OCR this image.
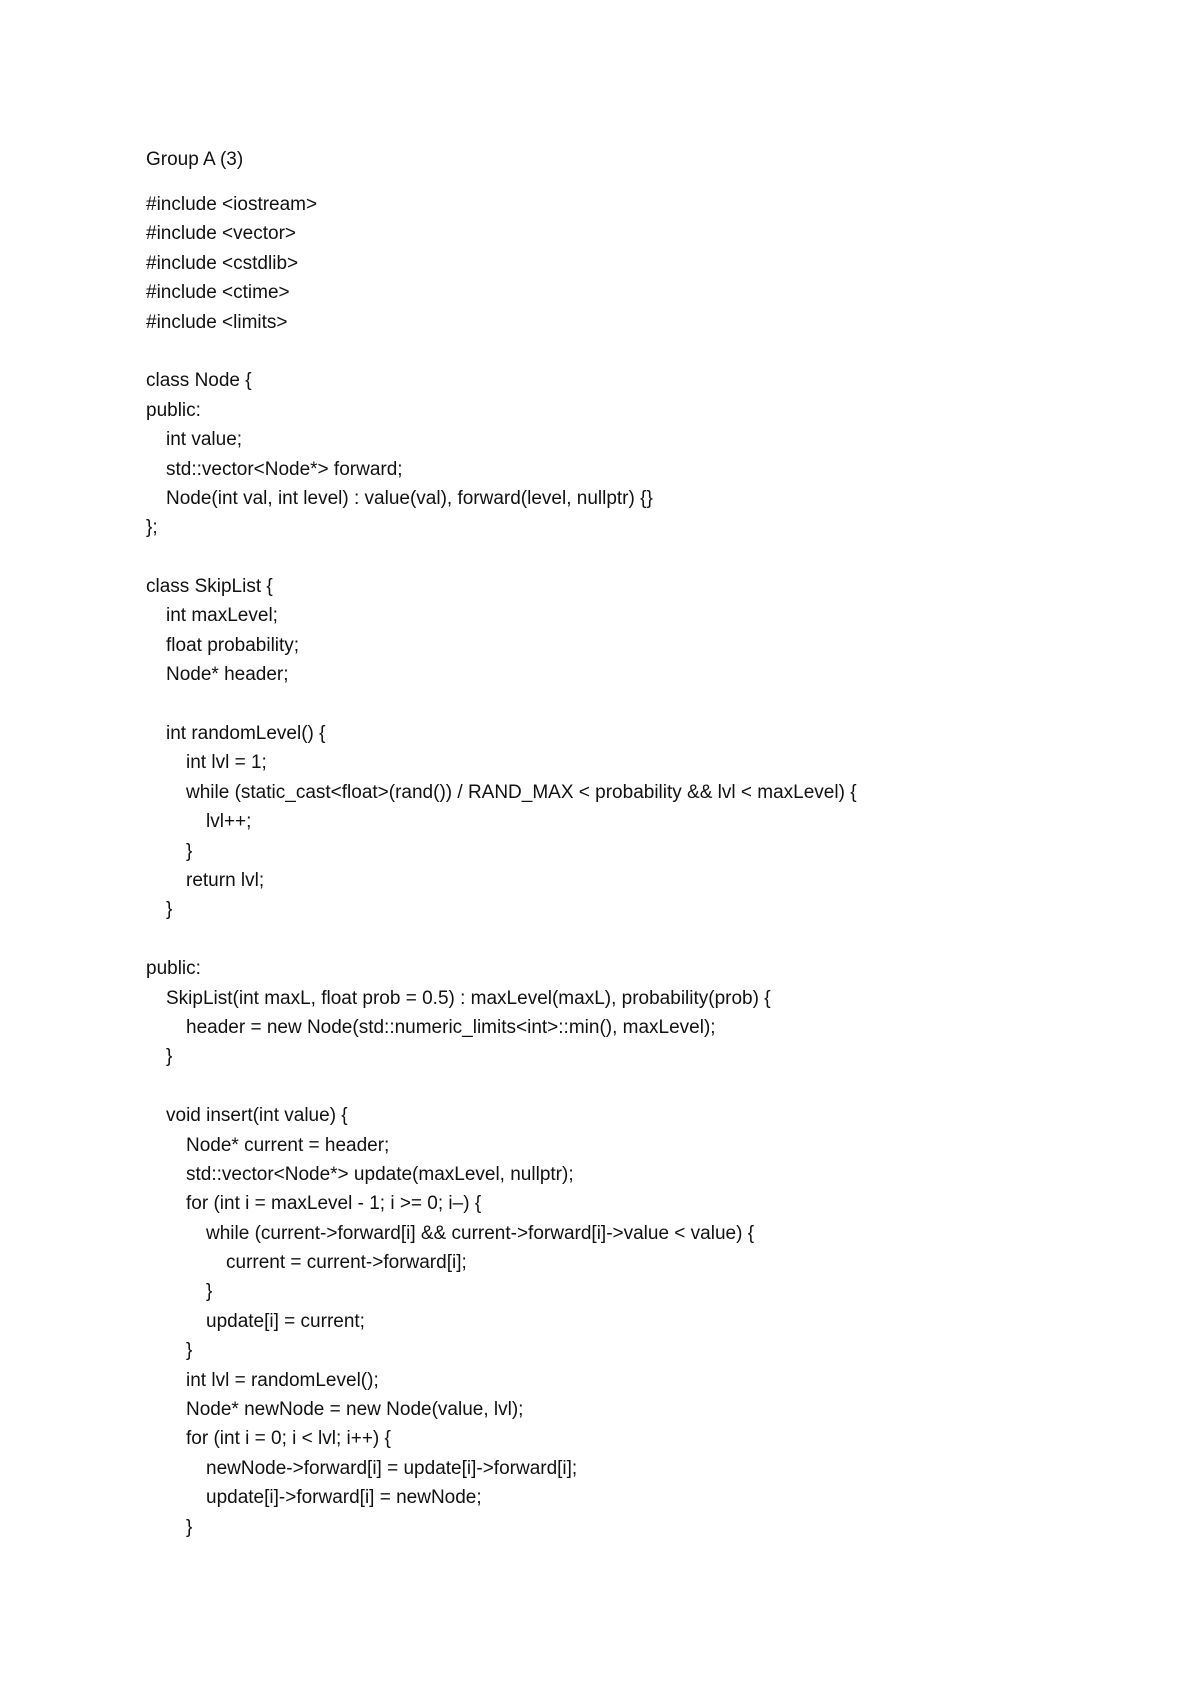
Group A (3)
#include <iostream>
#include <vector>
#include <cstdlib>
#include <ctime>
#include <limits>
class Node {
public:
int value;
std::vector<Node*> forward;
Node(int val, int level) : value(val), forward(level, nullptr) {}
};
class SkipList {
int maxLevel;
float probability;
Node* header;
int randomLevel() {
int lvl = 1;
while (static_cast<float>(rand()) / RAND_MAX < probability && lvl < maxLevel) {
lvl++;
}
return lvl;
}
public:
SkipList(int maxL, float prob = 0.5) : maxLevel(maxL), probability(prob) {
header = new Node(std::numeric_limits<int>::min(), maxLevel);
}
void insert(int value) {
Node* current = header;
std::vector<Node*> update(maxLevel, nullptr);
for (int i = maxLevel - 1; i >= 0; i–) {
while (current->forward[i] && current->forward[i]->value < value) {
current = current->forward[i];
}
update[i] = current;
}
int lvl = randomLevel();
Node* newNode = new Node(value, lvl);
for (int i = 0; i < lvl; i++) {
newNode->forward[i] = update[i]->forward[i];
update[i]->forward[i] = newNode;
}
